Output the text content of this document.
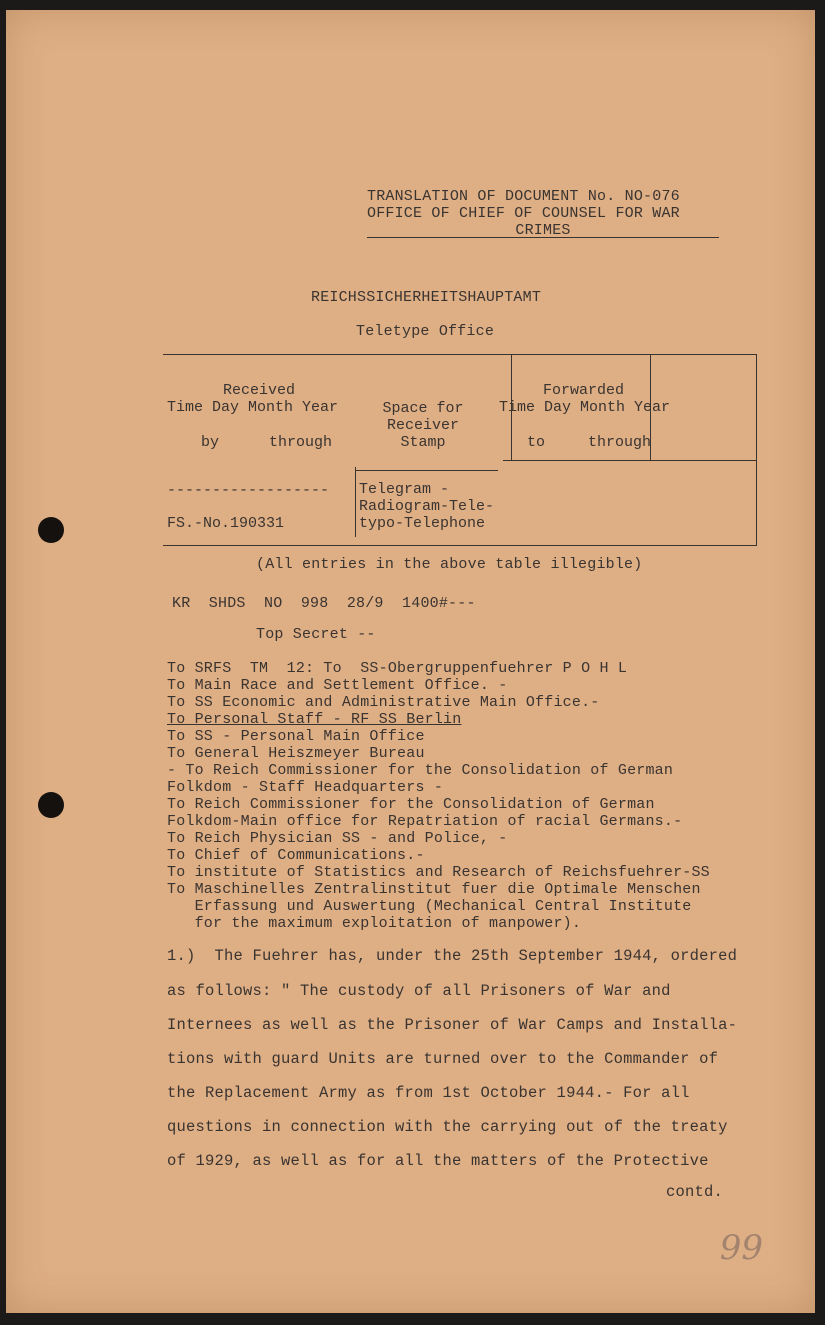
TRANSLATION OF DOCUMENT No. NO-076
OFFICE OF CHIEF OF COUNSEL FOR WAR
CRIMES
REICHSSICHERHEITSHAUPTAMT
Teletype Office
Received
Time Day Month Year
by	through
Space for
Receiver
Stamp
Forwarded
Time Day Month Year
to	through
------------------
FS.-No.190331
Telegram -
Radiogram-Tele-
typo-Telephone
(All entries in the above table illegible)
KR  SHDS  NO  998  28/9  1400#---
Top Secret --
To SRFS  TM  12: To  SS-Obergruppenfuehrer P O H L
To Main Race and Settlement Office. -
To SS Economic and Administrative Main Office.-
To Personal Staff - RF SS Berlin
To SS - Personal Main Office
To General Heiszmeyer Bureau
- To Reich Commissioner for the Consolidation of German
Folkdom - Staff Headquarters -
To Reich Commissioner for the Consolidation of German
Folkdom-Main office for Repatriation of racial Germans.-
To Reich Physician SS - and Police, -
To Chief of Communications.-
To institute of Statistics and Research of Reichsfuehrer-SS
To Maschinelles Zentralinstitut fuer die Optimale Menschen
Erfassung und Auswertung (Mechanical Central Institute
for the maximum exploitation of manpower).
1.)  The Fuehrer has, under the 25th September 1944, ordered
as follows: " The custody of all Prisoners of War and
Internees as well as the Prisoner of War Camps and Installa-
tions with guard Units are turned over to the Commander of
the Replacement Army as from 1st October 1944.- For all
questions in connection with the carrying out of the treaty
of 1929, as well as for all the matters of the Protective
contd.
99
